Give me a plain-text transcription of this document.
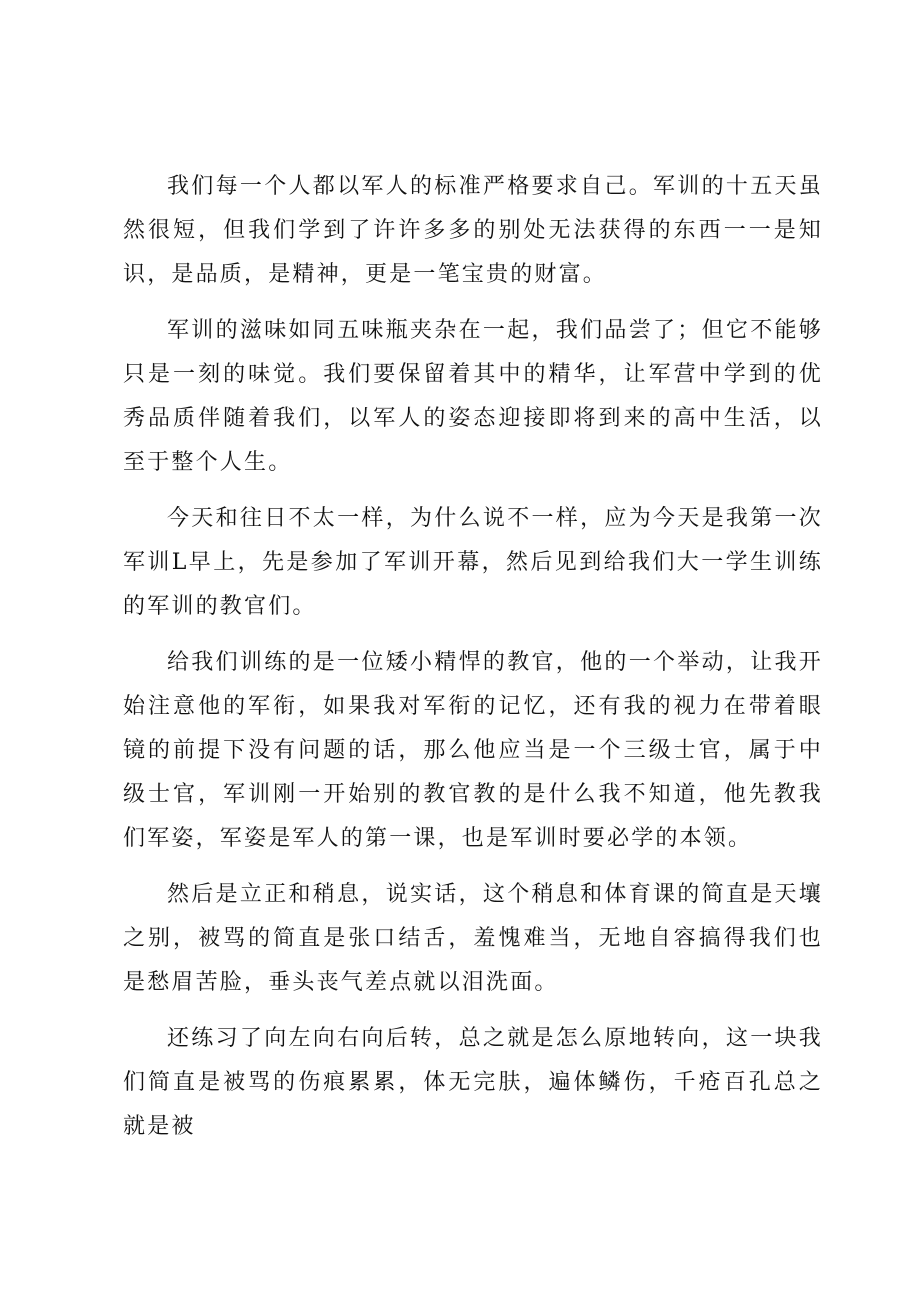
我们每一个人都以军人的标准严格要求自己。军训的十五天虽然很短，但我们学到了许许多多的别处无法获得的东西一一是知识，是品质，是精神，更是一笔宝贵的财富。

军训的滋味如同五味瓶夹杂在一起，我们品尝了；但它不能够只是一刻的味觉。我们要保留着其中的精华，让军营中学到的优秀品质伴随着我们，以军人的姿态迎接即将到来的高中生活，以至于整个人生。

今天和往日不太一样，为什么说不一样，应为今天是我第一次军训L早上，先是参加了军训开幕，然后见到给我们大一学生训练的军训的教官们。

给我们训练的是一位矮小精悍的教官，他的一个举动，让我开始注意他的军衔，如果我对军衔的记忆，还有我的视力在带着眼镜的前提下没有问题的话，那么他应当是一个三级士官，属于中级士官，军训刚一开始别的教官教的是什么我不知道，他先教我们军姿，军姿是军人的第一课，也是军训时要必学的本领。

然后是立正和稍息，说实话，这个稍息和体育课的简直是天壤之别，被骂的简直是张口结舌，羞愧难当，无地自容搞得我们也是愁眉苦脸，垂头丧气差点就以泪洗面。

还练习了向左向右向后转，总之就是怎么原地转向，这一块我们简直是被骂的伤痕累累，体无完肤，遍体鳞伤，千疮百孔总之就是被
